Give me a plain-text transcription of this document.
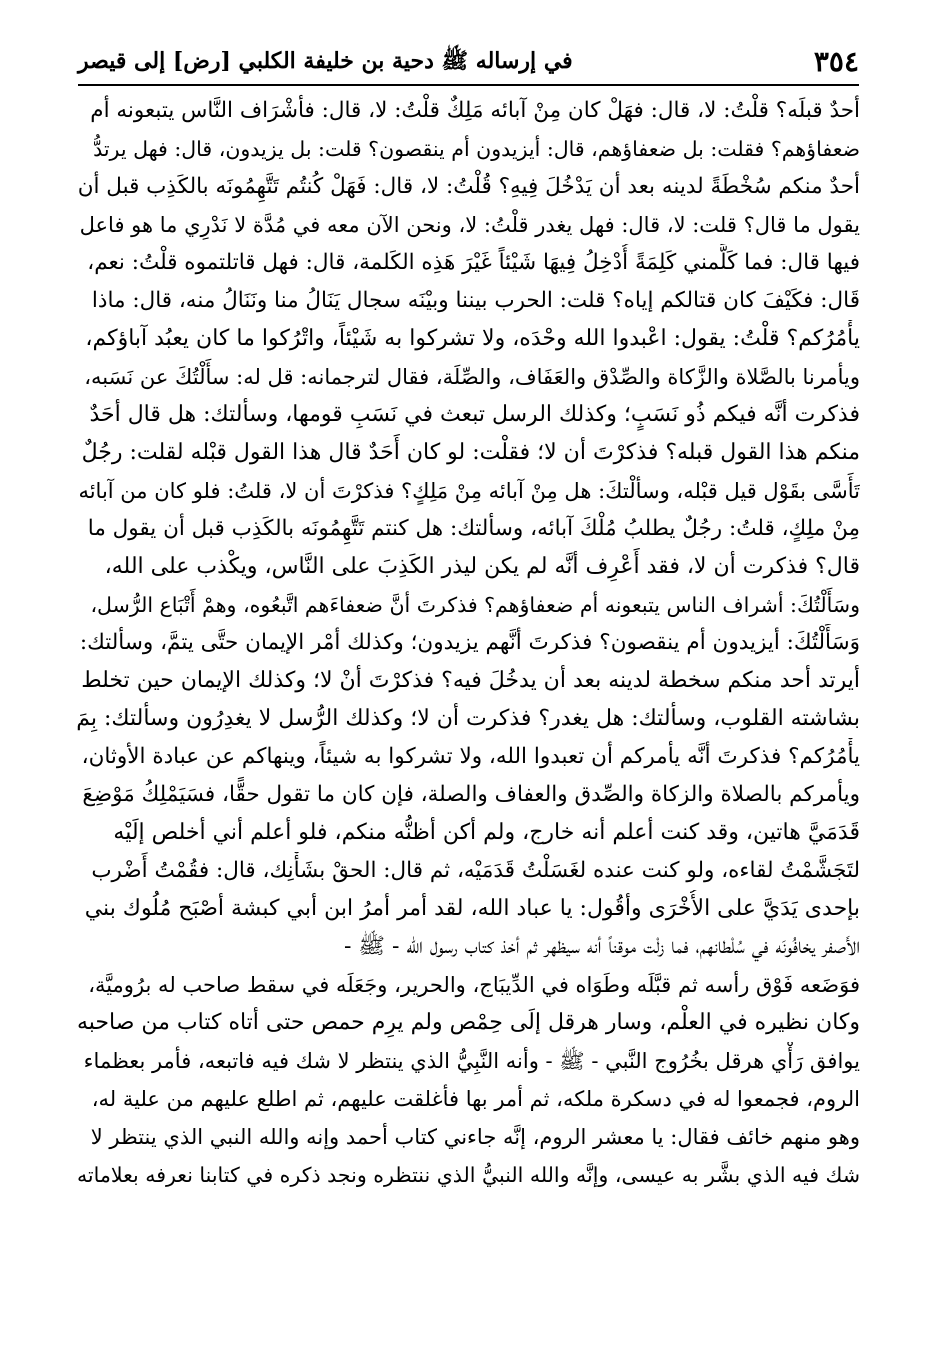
٣٥٤
في إرساله ﷺ دحية بن خليفة الكلبي [رض] إلى قيصر
أحدٌ قبلَه؟ قلْتُ: لا، قال: فهَلْ كان مِنْ آبائه مَلِكٌ قلْتُ: لا، قال: فأشْرَاف النَّاس يتبعونه أم
ضعفاؤهم؟ فقلت: بل ضعفاؤهم، قال: أيزيدون أم ينقصون؟ قلت: بل يزيدون، قال: فهل يرتدُّ
أحدٌ منكم سُخْطَةً لدينه بعد أن يَدْخُلَ فِيهِ؟ قُلْتُ: لا، قال: فَهَلْ كُنتُم تَتَّهِمُونَه بالكَذِب قبل أن
يقول ما قال؟ قلت: لا، قال: فهل يغدر قلْتُ: لا، ونحن الآن معه في مُدَّة لا نَدْرِي ما هو فاعل
فيها قال: فما كَلَّمني كَلِمَةً أُدْخِلُ فِيهَا شَيْئاً غَيْرَ هَذِه الكَلمة، قال: فهل قاتلتموه قلْتُ: نعم،
قَال: فكَيْفَ كان قتالكم إياه؟ قلت: الحرب بيننا وبيْنَه سجال يَنَالُ منا ونَنَالُ منه، قال: ماذا
يأْمُرُكم؟ قلْتُ: يقول: اعْبدوا الله وحْدَه، ولا تشركوا به شَيْئاً، واتْرُكوا ما كان يعبُد آباؤكم،
ويأمرنا بالصَّلاة والزَّكاة والصِّدْق والعَفَاف، والصِّلَة، فقال لترجمانه: قل له: سأَلْتُكَ عن نَسَبه،
فذكرت أنَّه فيكم ذُو نَسَبٍ؛ وكذلك الرسل تبعث في نَسَبِ قومها، وسألتك: هل قال أحَدٌ
منكم هذا القول قبله؟ فذكرْتَ أن لا؛ فقلْت: لو كان أَحَدٌ قال هذا القول قبْله لقلت: رجُلٌ
تَأَسَّى بقَوْل قيل قبْله، وسألْتكَ: هل مِنْ آبائه مِنْ مَلِكٍ؟ فذكرْتَ أن لا، قلتُ: فلو كان من آبائه
مِنْ ملِكٍ، قلتُ: رجُلٌ يطلبُ مُلْكَ آبائه، وسألتك: هل كنتم تَتَّهِمُونَه بالكَذِب قبل أن يقول ما
قال؟ فذكرت أن لا، فقد أَعْرِف أنَّه لم يكن ليذر الكَذِبَ على النَّاس، ويكْذب على الله،
وسَأَلْتُكَ: أشراف الناس يتبعونه أم ضعفاؤهم؟ فذكرتَ أنَّ ضعفاءَهم اتَّبعُوه، وهمْ أَتْبَاع الرُّسل،
وَسَأَلْتُكَ: أيزيدون أم ينقصون؟ فذكرتَ أنَّهم يزيدون؛ وكذلك أمْر الإيمان حتَّى يتمَّ، وسألتك:
أيرتد أحد منكم سخطة لدينه بعد أن يدخُلَ فيه؟ فذكرْتَ أنْ لا؛ وكذلك الإيمان حين تخلط
بشاشته القلوب، وسألتك: هل يغدر؟ فذكرت أن لا؛ وكذلك الرُّسل لا يغدِرُون وسألتك: بِمَ
يأْمُرُكم؟ فذكرتَ أنَّه يأمركم أن تعبدوا الله، ولا تشركوا به شيئاً، وينهاكم عن عبادة الأوثان،
ويأمركم بالصلاة والزكاة والصِّدق والعفاف والصلة، فإن كان ما تقول حقًّا، فسَيَمْلِكُ مَوْضِعَ
قَدَمَيَّ هاتين، وقد كنت أعلم أنه خارج، ولم أكن أظنُّه منكم، فلو أعلم أني أخلص إلَيْه
لتَجَشَّمْتُ لقاءه، ولو كنت عنده لغَسَلْتُ قَدَمَيْه، ثم قال: الحقْ بشَأْنِك، قال: فقُمْتُ أَضْرب
بإحدى يَدَيَّ على الأُخْرَى وأقُول: يا عباد الله، لقد أمر أمرُ ابن أبي كبشة أصْبَح مُلُوك بني
الأَصفر يخافُونَه في سُلْطانهم، فما زلْت موقناً أنه سيظهر ثم أخذ كتاب رسول الله - ﷺ -
فوَضَعه فَوْق رأسه ثم قبَّلَه وطَوَاه في الدِّيبَاج، والحرير، وجَعَلَه في سقط صاحب له برُوميَّة،
وكان نظيره في العلْم، وسار هرقل إلَى حِمْص ولم يرِم حمص حتى أتاه كتاب من صاحبه
يوافق رَأْي هرقل بخُرُوج النَّبي - ﷺ - وأنه النَّبِيُّ الذي ينتظر لا شك فيه فاتبعه، فأمر بعظماء
الروم، فجمعوا له في دسكرة ملكه، ثم أمر بها فأغلقت عليهم، ثم اطلع عليهم من علية له،
وهو منهم خائف فقال: يا معشر الروم، إنَّه جاءني كتاب أحمد وإنه والله النبي الذي ينتظر لا
شك فيه الذي بشَّر به عيسى، وإنَّه والله النبيُّ الذي ننتظره ونجد ذكره في كتابنا نعرفه بعلاماته
